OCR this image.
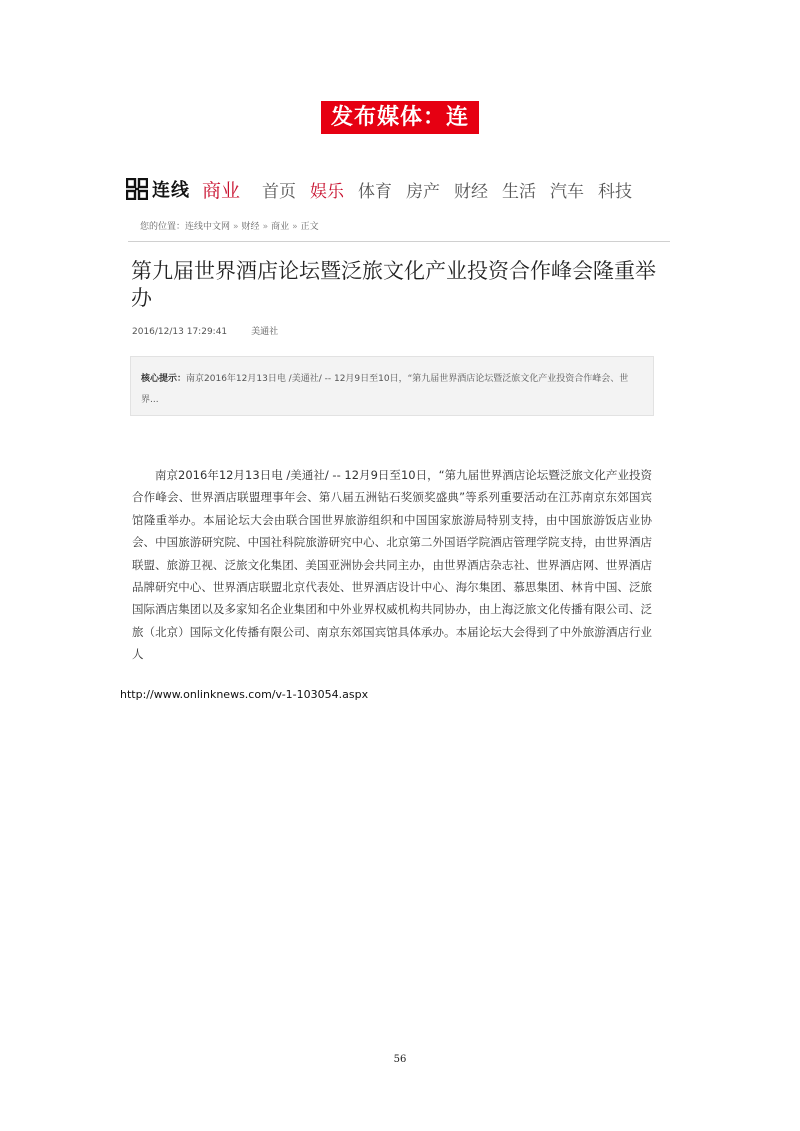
发布媒体：连线
连线 商业 首页 娱乐 体育 房产 财经 生活 汽车 科技
您的位置：连线中文网 » 财经 » 商业 » 正文
第九届世界酒店论坛暨泛旅文化产业投资合作峰会隆重举办
2016/12/13 17:29:41	美通社
核心提示：南京2016年12月13日电 /美通社/ -- 12月9日至10日，“第九届世界酒店论坛暨泛旅文化产业投资合作峰会、世界...

南京2016年12月13日电 /美通社/ -- 12月9日至10日，“第九届世界酒店论坛暨泛旅文化产业投资合作峰会、世界酒店联盟理事年会、第八届五洲钻石奖颁奖盛典”等系列重要活动在江苏南京东郊国宾馆隆重举办。本届论坛大会由联合国世界旅游组织和中国国家旅游局特别支持，由中国旅游饭店业协会、中国旅游研究院、中国社科院旅游研究中心、北京第二外国语学院酒店管理学院支持，由世界酒店联盟、旅游卫视、泛旅文化集团、美国亚洲协会共同主办，由世界酒店杂志社、世界酒店网、世界酒店品牌研究中心、世界酒店联盟北京代表处、世界酒店设计中心、海尔集团、慕思集团、林肯中国、泛旅国际酒店集团以及多家知名企业集团和中外业界权威机构共同协办，由上海泛旅文化传播有限公司、泛旅（北京）国际文化传播有限公司、南京东郊国宾馆具体承办。本届论坛大会得到了中外旅游酒店行业人

http://www.onlinknews.com/v-1-103054.aspx
56
